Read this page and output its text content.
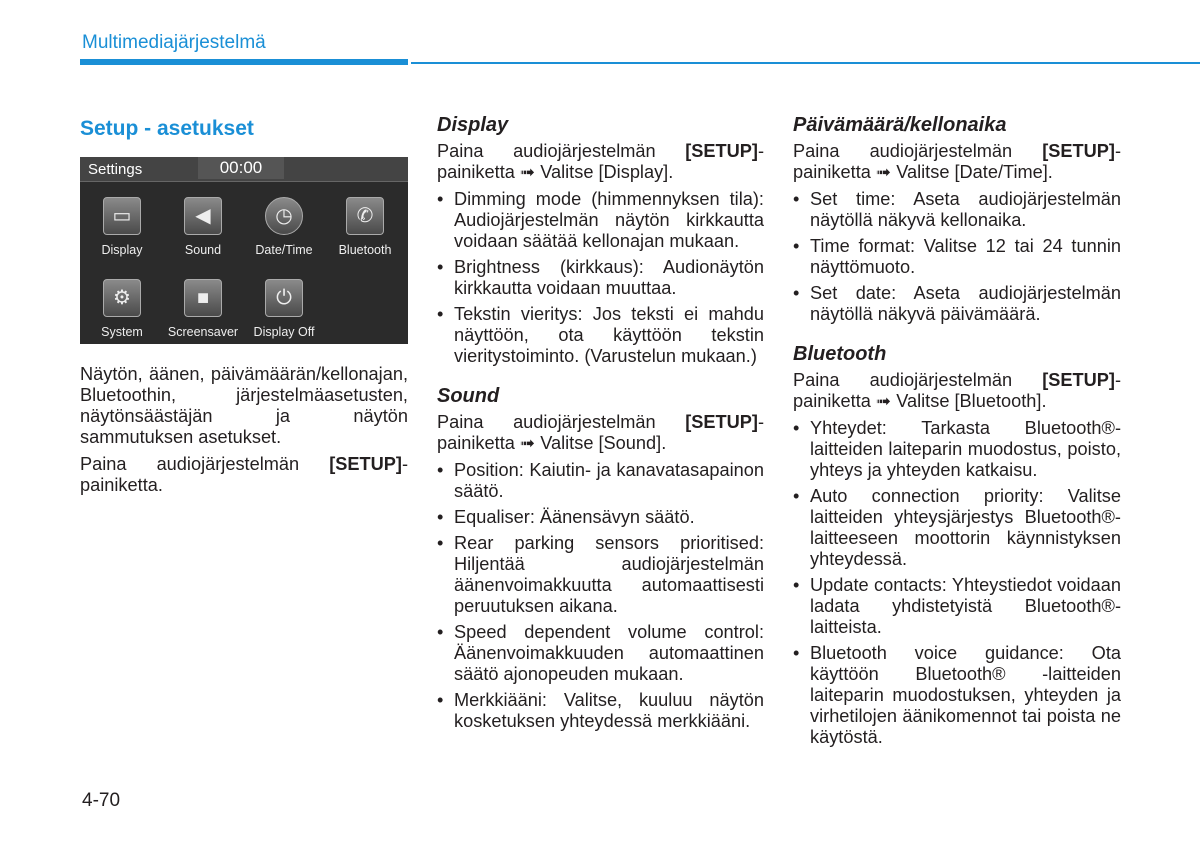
Multimediajärjestelmä
Setup - asetukset
Settings	00:00
▭
Display
◀
Sound
◷
Date/Time
✆
Bluetooth
⚙
System
■
Screensaver
⏻
Display Off

Näytön, äänen, päivämäärän/kellonajan, Bluetoothin, järjestelmäasetusten, näytönsäästäjän ja näytön sammutuksen asetukset.

Paina audiojärjestelmän [SETUP]-painiketta.

Display

Paina audiojärjestelmän [SETUP]-painiketta ➟ Valitse [Display].

• Dimming mode (himmennyksen tila): Audiojärjestelmän näytön kirkkautta voidaan säätää kellonajan mukaan.
• Brightness (kirkkaus): Audionäytön kirkkautta voidaan muuttaa.
• Tekstin vieritys: Jos teksti ei mahdu näyttöön, ota käyttöön tekstin vieritystoiminto. (Varustelun mukaan.)
Sound

Paina audiojärjestelmän [SETUP]-painiketta ➟ Valitse [Sound].

• Position: Kaiutin- ja kanavatasapainon säätö.
• Equaliser: Äänensävyn säätö.
• Rear parking sensors prioritised: Hiljentää audiojärjestelmän äänenvoimakkuutta automaattisesti peruutuksen aikana.
• Speed dependent volume control: Äänenvoimakkuuden automaattinen säätö ajonopeuden mukaan.
• Merkkiääni: Valitse, kuuluu näytön kosketuksen yhteydessä merkkiääni.
Päivämäärä/kellonaika

Paina audiojärjestelmän [SETUP]-painiketta ➟ Valitse [Date/Time].

• Set time: Aseta audiojärjestelmän näytöllä näkyvä kellonaika.
• Time format: Valitse 12 tai 24 tunnin näyttömuoto.
• Set date: Aseta audiojärjestelmän näytöllä näkyvä päivämäärä.
Bluetooth

Paina audiojärjestelmän [SETUP]-painiketta ➟ Valitse [Bluetooth].

• Yhteydet: Tarkasta Bluetooth®-laitteiden laiteparin muodostus, poisto, yhteys ja yhteyden katkaisu.
• Auto connection priority: Valitse laitteiden yhteysjärjestys Bluetooth®-laitteeseen moottorin käynnistyksen yhteydessä.
• Update contacts: Yhteystiedot voidaan ladata yhdistetyistä Bluetooth®-laitteista.
• Bluetooth voice guidance: Ota käyttöön Bluetooth® -laitteiden laiteparin muodostuksen, yhteyden ja virhetilojen äänikomennot tai poista ne käytöstä.
4-70
